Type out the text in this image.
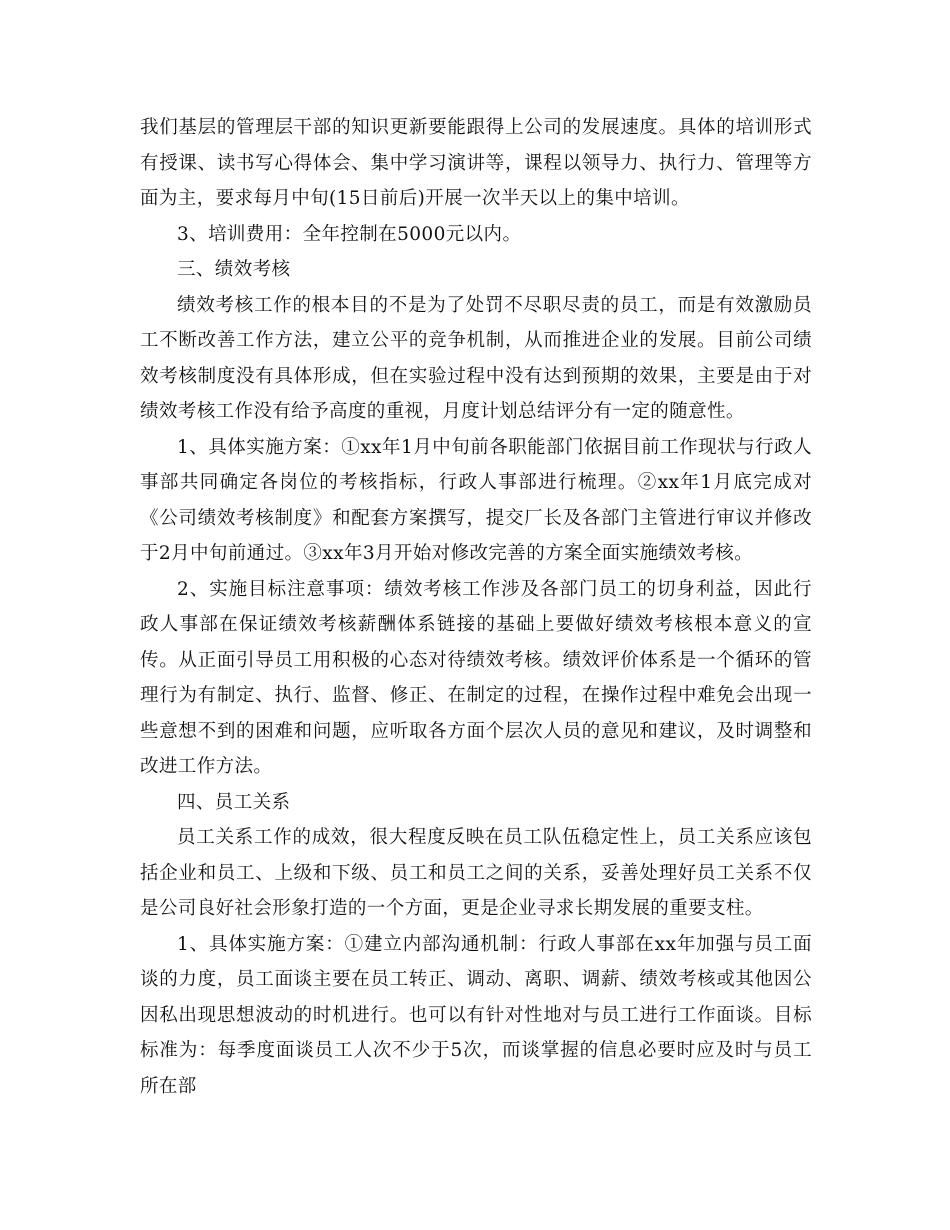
我们基层的管理层干部的知识更新要能跟得上公司的发展速度。具体的培训形式有授课、读书写心得体会、集中学习演讲等，课程以领导力、执行力、管理等方面为主，要求每月中旬(15日前后)开展一次半天以上的集中培训。

3、培训费用：全年控制在5000元以内。

三、绩效考核

绩效考核工作的根本目的不是为了处罚不尽职尽责的员工，而是有效激励员工不断改善工作方法，建立公平的竞争机制，从而推进企业的发展。目前公司绩效考核制度没有具体形成，但在实验过程中没有达到预期的效果，主要是由于对绩效考核工作没有给予高度的重视，月度计划总结评分有一定的随意性。

1、具体实施方案：①xx年1月中旬前各职能部门依据目前工作现状与行政人事部共同确定各岗位的考核指标，行政人事部进行梳理。②xx年1月底完成对《公司绩效考核制度》和配套方案撰写，提交厂长及各部门主管进行审议并修改于2月中旬前通过。③xx年3月开始对修改完善的方案全面实施绩效考核。

2、实施目标注意事项：绩效考核工作涉及各部门员工的切身利益，因此行政人事部在保证绩效考核薪酬体系链接的基础上要做好绩效考核根本意义的宣传。从正面引导员工用积极的心态对待绩效考核。绩效评价体系是一个循环的管理行为有制定、执行、监督、修正、在制定的过程，在操作过程中难免会出现一些意想不到的困难和问题，应听取各方面个层次人员的意见和建议，及时调整和改进工作方法。

四、员工关系

员工关系工作的成效，很大程度反映在员工队伍稳定性上，员工关系应该包括企业和员工、上级和下级、员工和员工之间的关系，妥善处理好员工关系不仅是公司良好社会形象打造的一个方面，更是企业寻求长期发展的重要支柱。

1、具体实施方案：①建立内部沟通机制：行政人事部在xx年加强与员工面谈的力度，员工面谈主要在员工转正、调动、离职、调薪、绩效考核或其他因公因私出现思想波动的时机进行。也可以有针对性地对与员工进行工作面谈。目标标准为：每季度面谈员工人次不少于5次，而谈掌握的信息必要时应及时与员工所在部
